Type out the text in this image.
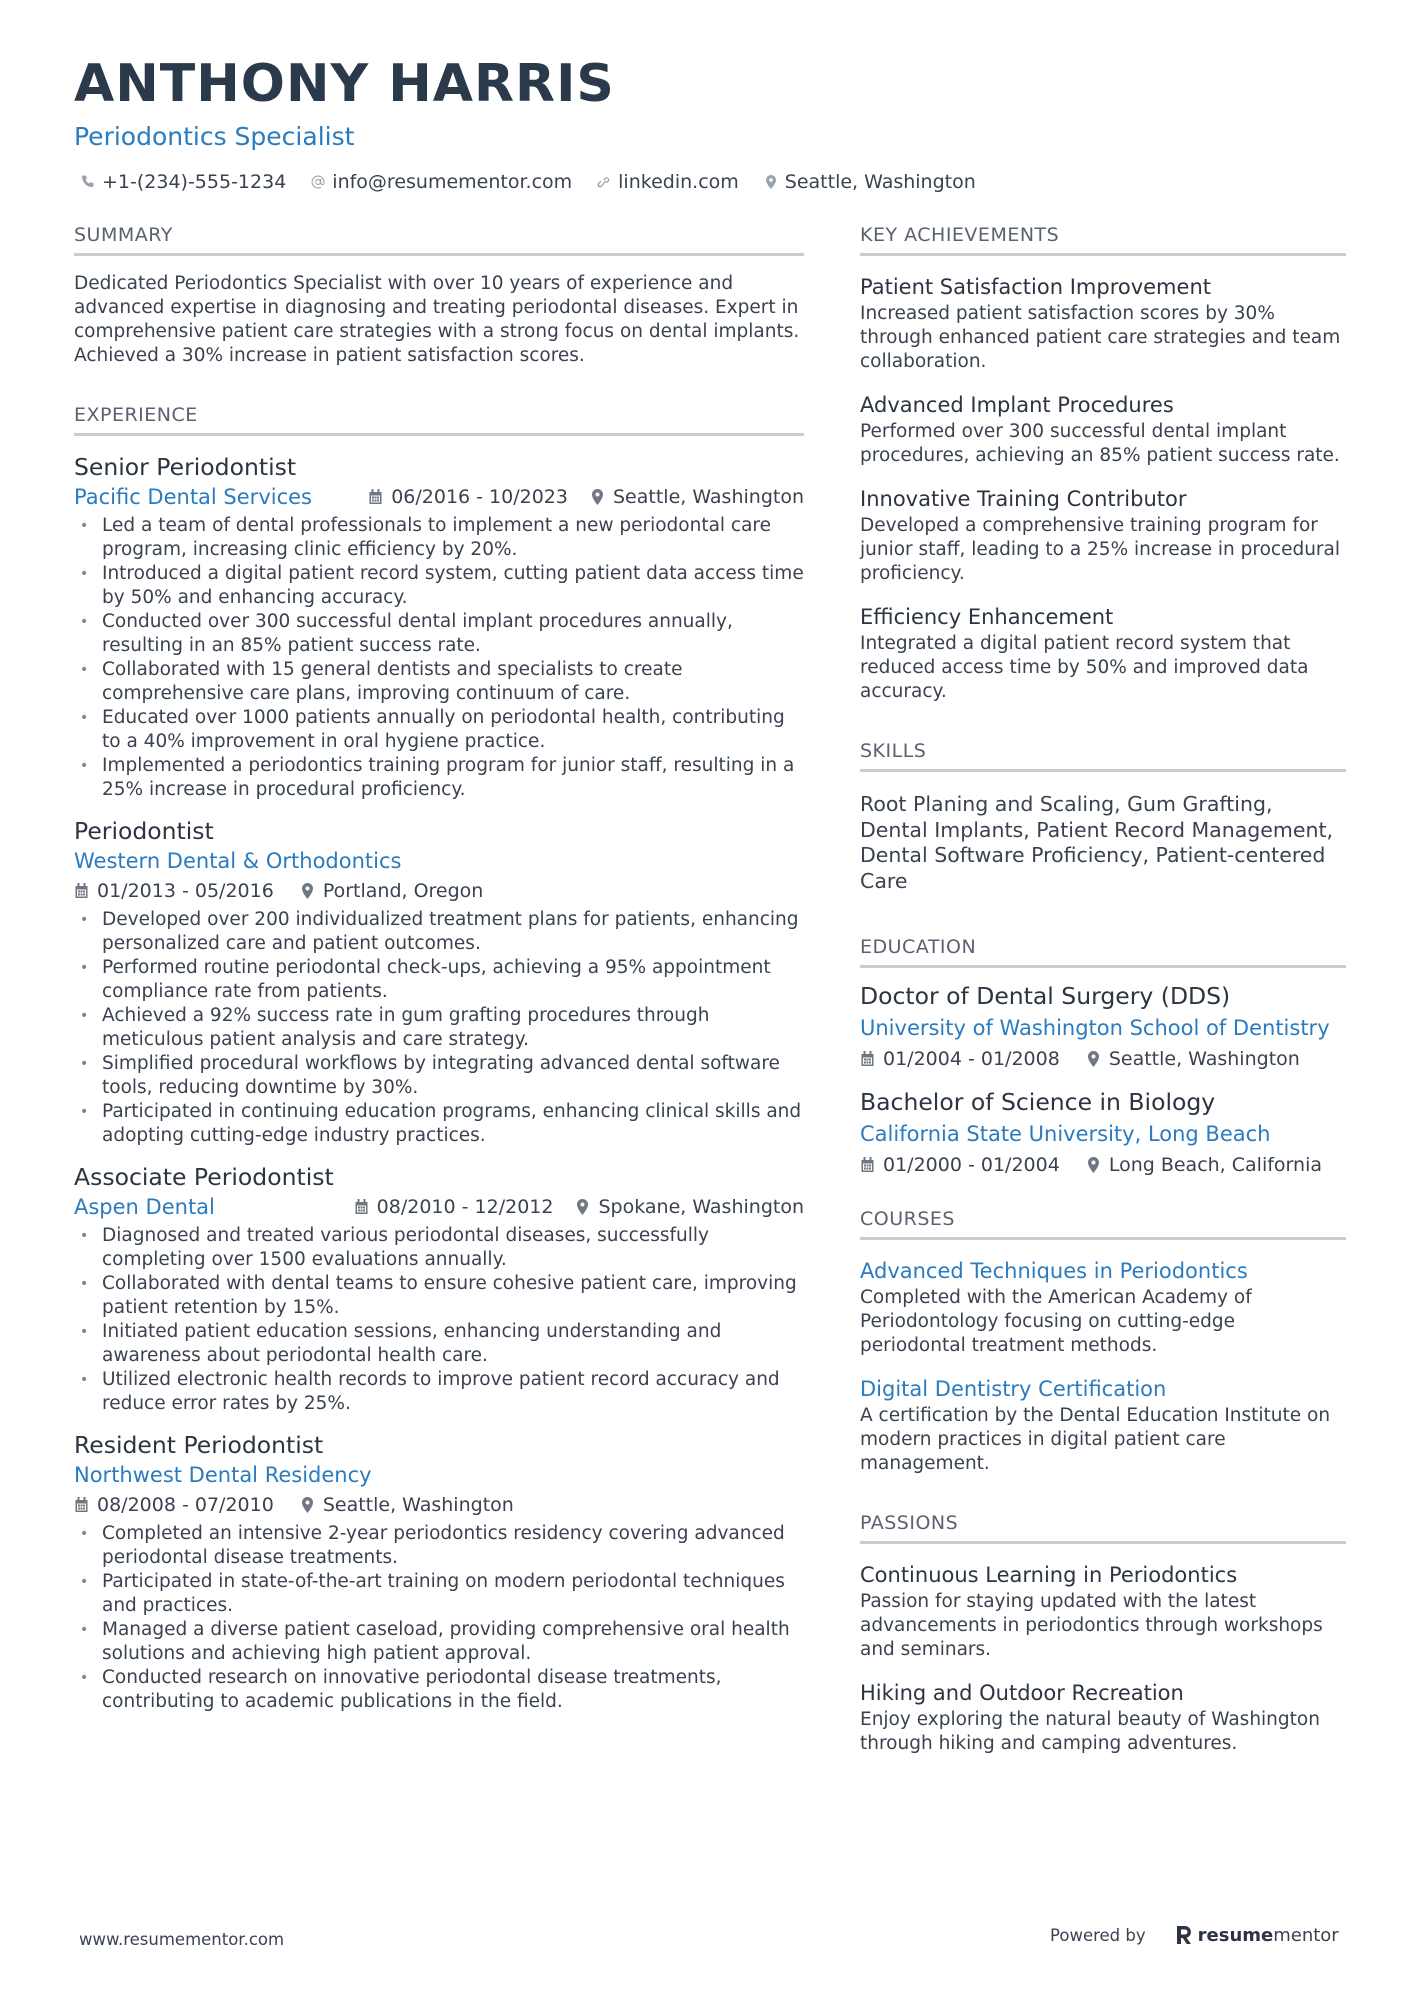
ANTHONY HARRIS
Periodontics Specialist
+1-(234)-555-1234 info@resumementor.com linkedin.com Seattle, Washington
SUMMARY
Dedicated Periodontics Specialist with over 10 years of experience and advanced expertise in diagnosing and treating periodontal diseases. Expert in comprehensive patient care strategies with a strong focus on dental implants. Achieved a 30% increase in patient satisfaction scores.
EXPERIENCE
Senior Periodontist
Pacific Dental Services	06/2016 - 10/2023 Seattle, Washington
• Led a team of dental professionals to implement a new periodontal care program, increasing clinic efficiency by 20%.
• Introduced a digital patient record system, cutting patient data access time by 50% and enhancing accuracy.
• Conducted over 300 successful dental implant procedures annually, resulting in an 85% patient success rate.
• Collaborated with 15 general dentists and specialists to create comprehensive care plans, improving continuum of care.
• Educated over 1000 patients annually on periodontal health, contributing to a 40% improvement in oral hygiene practice.
• Implemented a periodontics training program for junior staff, resulting in a 25% increase in procedural proficiency.
Periodontist
Western Dental & Orthodontics
01/2013 - 05/2016	Portland, Oregon
• Developed over 200 individualized treatment plans for patients, enhancing personalized care and patient outcomes.
• Performed routine periodontal check-ups, achieving a 95% appointment compliance rate from patients.
• Achieved a 92% success rate in gum grafting procedures through meticulous patient analysis and care strategy.
• Simplified procedural workflows by integrating advanced dental software tools, reducing downtime by 30%.
• Participated in continuing education programs, enhancing clinical skills and adopting cutting-edge industry practices.
Associate Periodontist
Aspen Dental	08/2010 - 12/2012 Spokane, Washington
• Diagnosed and treated various periodontal diseases, successfully completing over 1500 evaluations annually.
• Collaborated with dental teams to ensure cohesive patient care, improving patient retention by 15%.
• Initiated patient education sessions, enhancing understanding and awareness about periodontal health care.
• Utilized electronic health records to improve patient record accuracy and reduce error rates by 25%.
Resident Periodontist
Northwest Dental Residency
08/2008 - 07/2010	Seattle, Washington
• Completed an intensive 2-year periodontics residency covering advanced periodontal disease treatments.
• Participated in state-of-the-art training on modern periodontal techniques and practices.
• Managed a diverse patient caseload, providing comprehensive oral health solutions and achieving high patient approval.
• Conducted research on innovative periodontal disease treatments, contributing to academic publications in the field.
KEY ACHIEVEMENTS
Patient Satisfaction Improvement
Increased patient satisfaction scores by 30% through enhanced patient care strategies and team collaboration.
Advanced Implant Procedures
Performed over 300 successful dental implant procedures, achieving an 85% patient success rate.
Innovative Training Contributor
Developed a comprehensive training program for junior staff, leading to a 25% increase in procedural proficiency.
Efficiency Enhancement
Integrated a digital patient record system that reduced access time by 50% and improved data accuracy.
SKILLS
Root Planing and Scaling, Gum Grafting, Dental Implants, Patient Record Management, Dental Software Proficiency, Patient-centered Care
EDUCATION
Doctor of Dental Surgery (DDS)
University of Washington School of Dentistry
01/2004 - 01/2008	Seattle, Washington
Bachelor of Science in Biology
California State University, Long Beach
01/2000 - 01/2004	Long Beach, California
COURSES
Advanced Techniques in Periodontics
Completed with the American Academy of Periodontology focusing on cutting-edge periodontal treatment methods.
Digital Dentistry Certification
A certification by the Dental Education Institute on modern practices in digital patient care management.
PASSIONS
Continuous Learning in Periodontics
Passion for staying updated with the latest advancements in periodontics through workshops and seminars.
Hiking and Outdoor Recreation
Enjoy exploring the natural beauty of Washington through hiking and camping adventures.
www.resumementor.com	Powered by	resume mentor
